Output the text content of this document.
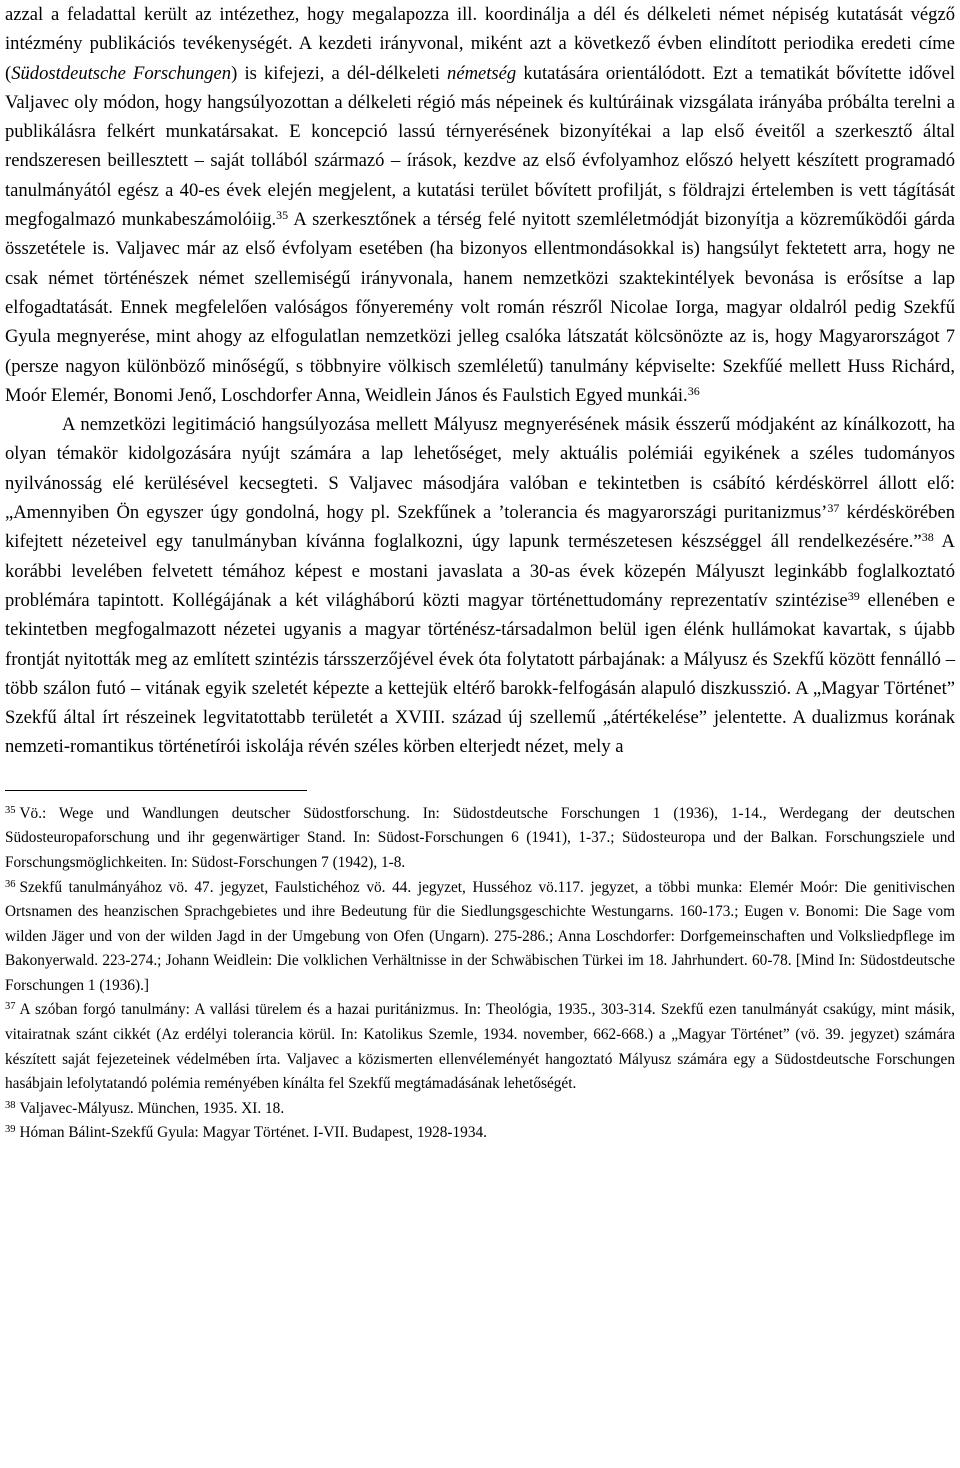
azzal a feladattal került az intézethez, hogy megalapozza ill. koordinálja a dél és délkeleti német népiség kutatását végző intézmény publikációs tevékenységét. A kezdeti irányvonal, miként azt a következő évben elindított periodika eredeti címe (Südostdeutsche Forschungen) is kifejezi, a dél-délkeleti németség kutatására orientálódott. Ezt a tematikát bővítette idővel Valjavec oly módon, hogy hangsúlyozottan a délkeleti régió más népeinek és kultúráinak vizsgálata irányába próbálta terelni a publikálásra felkért munkatársakat. E koncepció lassú térnyerésének bizonyítékai a lap első éveitől a szerkesztő által rendszeresen beillesztett – saját tollából származó – írások, kezdve az első évfolyamhoz előszó helyett készített programadó tanulmányától egész a 40-es évek elején megjelent, a kutatási terület bővített profilját, s földrajzi értelemben is vett tágítását megfogalmazó munkabeszámolóiig.$^{35}$ A szerkesztőnek a térség felé nyitott szemléletmódját bizonyítja a közreműködői gárda összetétele is. Valjavec már az első évfolyam esetében (ha bizonyos ellentmondásokkal is) hangsúlyt fektetett arra, hogy ne csak német történészek német szellemiségű irányvonala, hanem nemzetközi szaktekintélyek bevonása is erősítse a lap elfogadtatását. Ennek megfelelően valóságos főnyeremény volt román részről Nicolae Iorga, magyar oldalról pedig Szekfű Gyula megnyerése, mint ahogy az elfogulatlan nemzetközi jelleg csalóka látszatát kölcsönözte az is, hogy Magyarországot 7 (persze nagyon különböző minőségű, s többnyire völkisch szemléletű) tanulmány képviselte: Szekfűé mellett Huss Richárd, Moór Elemér, Bonomi Jenő, Loschdorfer Anna, Weidlein János és Faulstich Egyed munkái.$^{36}$

A nemzetközi legitimáció hangsúlyozása mellett Mályusz megnyerésének másik ésszerű módjaként az kínálkozott, ha olyan témakör kidolgozására nyújt számára a lap lehetőséget, mely aktuális polémiái egyikének a széles tudományos nyilvánosság elé kerülésével kecsegteti. S Valjavec másodjára valóban e tekintetben is csábító kérdéskörrel állott elő: „Amennyiben Ön egyszer úgy gondolná, hogy pl. Szekfűnek a ’tolerancia és magyarországi puritanizmus’$^{37}$ kérdéskörében kifejtett nézeteivel egy tanulmányban kívánna foglalkozni, úgy lapunk természetesen készséggel áll rendelkezésére.”$^{38}$ A korábbi levelében felvetett témához képest e mostani javaslata a 30-as évek közepén Mályuszt leginkább foglalkoztató problémára tapintott. Kollégájának a két világháború közti magyar történettudomány reprezentatív szintézise$^{39}$ ellenében e tekintetben megfogalmazott nézetei ugyanis a magyar történész-társadalmon belül igen élénk hullámokat kavartak, s újabb frontját nyitották meg az említett szintézis társszerzőjével évek óta folytatott párbajának: a Mályusz és Szekfű között fennálló – több szálon futó – vitának egyik szeletét képezte a kettejük eltérő barokk-felfogásán alapuló diszkusszió. A „Magyar Történet” Szekfű által írt részeinek legvitatottabb területét a XVIII. század új szellemű „átértékelése” jelentette. A dualizmus korának nemzeti-romantikus történetírói iskolája révén széles körben elterjedt nézet, mely a

$^{35}$ Vö.: Wege und Wandlungen deutscher Südostforschung. In: Südostdeutsche Forschungen 1 (1936), 1-14., Werdegang der deutschen Südosteuropaforschung und ihr gegenwärtiger Stand. In: Südost-Forschungen 6 (1941), 1-37.; Südosteuropa und der Balkan. Forschungsziele und Forschungsmöglichkeiten. In: Südost-Forschungen 7 (1942), 1-8.

$^{36}$ Szekfű tanulmányához vö. 47. jegyzet, Faulstichéhoz vö. 44. jegyzet, Husséhoz vö.117. jegyzet, a többi munka: Elemér Moór: Die genitivischen Ortsnamen des heanzischen Sprachgebietes und ihre Bedeutung für die Siedlungsgeschichte Westungarns. 160-173.; Eugen v. Bonomi: Die Sage vom wilden Jäger und von der wilden Jagd in der Umgebung von Ofen (Ungarn). 275-286.; Anna Loschdorfer: Dorfgemeinschaften und Volksliedpflege im Bakonyerwald. 223-274.; Johann Weidlein: Die volklichen Verhältnisse in der Schwäbischen Türkei im 18. Jahrhundert. 60-78. [Mind In: Südostdeutsche Forschungen 1 (1936).]

$^{37}$ A szóban forgó tanulmány: A vallási türelem és a hazai puritánizmus. In: Theológia, 1935., 303-314. Szekfű ezen tanulmányát csakúgy, mint másik, vitairatnak szánt cikkét (Az erdélyi tolerancia körül. In: Katolikus Szemle, 1934. november, 662-668.) a „Magyar Történet” (vö. 39. jegyzet) számára készített saját fejezeteinek védelmében írta. Valjavec a közismerten ellenvéleményét hangoztató Mályusz számára egy a Südostdeutsche Forschungen hasábjain lefolytatandó polémia reményében kínálta fel Szekfű megtámadásának lehetőségét.

$^{38}$ Valjavec-Mályusz. München, 1935. XI. 18.

$^{39}$ Hóman Bálint-Szekfű Gyula: Magyar Történet. I-VII. Budapest, 1928-1934.
